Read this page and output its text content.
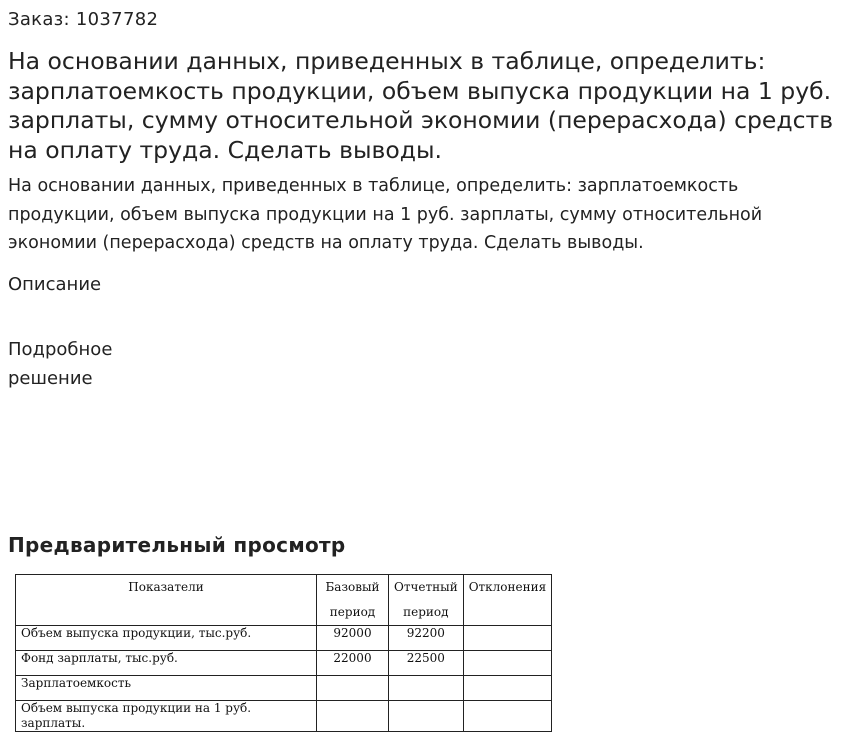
Заказ: 1037782
На основании данных, приведенных в таблице, определить: зарплатоемкость продукции, объем выпуска продукции на 1 руб. зарплаты, сумму относительной экономии (перерасхода) средств на оплату труда. Сделать выводы.

На основании данных, приведенных в таблице, определить: зарплатоемкость продукции, объем выпуска продукции на 1 руб. зарплаты, сумму относительной экономии (перерасхода) средств на оплату труда. Сделать выводы.

Описание
Подробное решение
Предварительный просмотр
Показатели	Базовый период	Отчетный период	Отклонения
Объем выпуска продукции, тыс.руб.	92000	92200	
Фонд зарплаты, тыс.руб.	22000	22500	
Зарплатоемкость			
Объем выпуска продукции на 1 руб. зарплаты.			
